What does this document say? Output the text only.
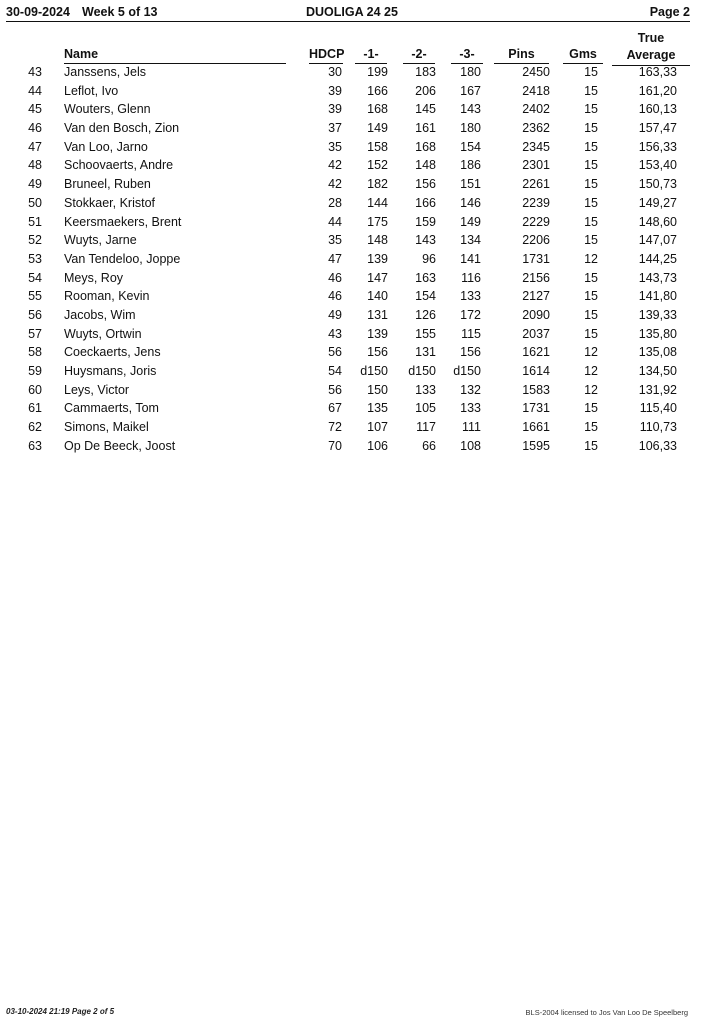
30-09-2024 Week 5 of 13	DUOLIGA 24 25	Page 2
Name	HDCP	-1-	-2-	-3-	Pins	Gms
True
Average
43 Janssens, Jels	30	199	183	180	2450	15	163,33
44 Leflot, Ivo	39	166	206	167	2418	15	161,20
45 Wouters, Glenn	39	168	145	143	2402	15	160,13
46 Van den Bosch, Zion	37	149	161	180	2362	15	157,47
47 Van Loo, Jarno	35	158	168	154	2345	15	156,33
48 Schoovaerts, Andre	42	152	148	186	2301	15	153,40
49 Bruneel, Ruben	42	182	156	151	2261	15	150,73
50 Stokkaer, Kristof	28	144	166	146	2239	15	149,27
51 Keersmaekers, Brent	44	175	159	149	2229	15	148,60
52 Wuyts, Jarne	35	148	143	134	2206	15	147,07
53 Van Tendeloo, Joppe	47	139	96	141	1731	12	144,25
54 Meys, Roy	46	147	163	116	2156	15	143,73
55 Rooman, Kevin	46	140	154	133	2127	15	141,80
56 Jacobs, Wim	49	131	126	172	2090	15	139,33
57 Wuyts, Ortwin	43	139	155	115	2037	15	135,80
58 Coeckaerts, Jens	56	156	131	156	1621	12	135,08
59 Huysmans, Joris	54	d150	d150	d150	1614	12	134,50
60 Leys, Victor	56	150	133	132	1583	12	131,92
61 Cammaerts, Tom	67	135	105	133	1731	15	115,40
62 Simons, Maikel	72	107	117	111	1661	15	110,73
63 Op De Beeck, Joost	70	106	66	108	1595	15	106,33
03-10-2024 21:19 Page 2 of 5	BLS-2004 licensed to Jos Van Loo De Speelberg
